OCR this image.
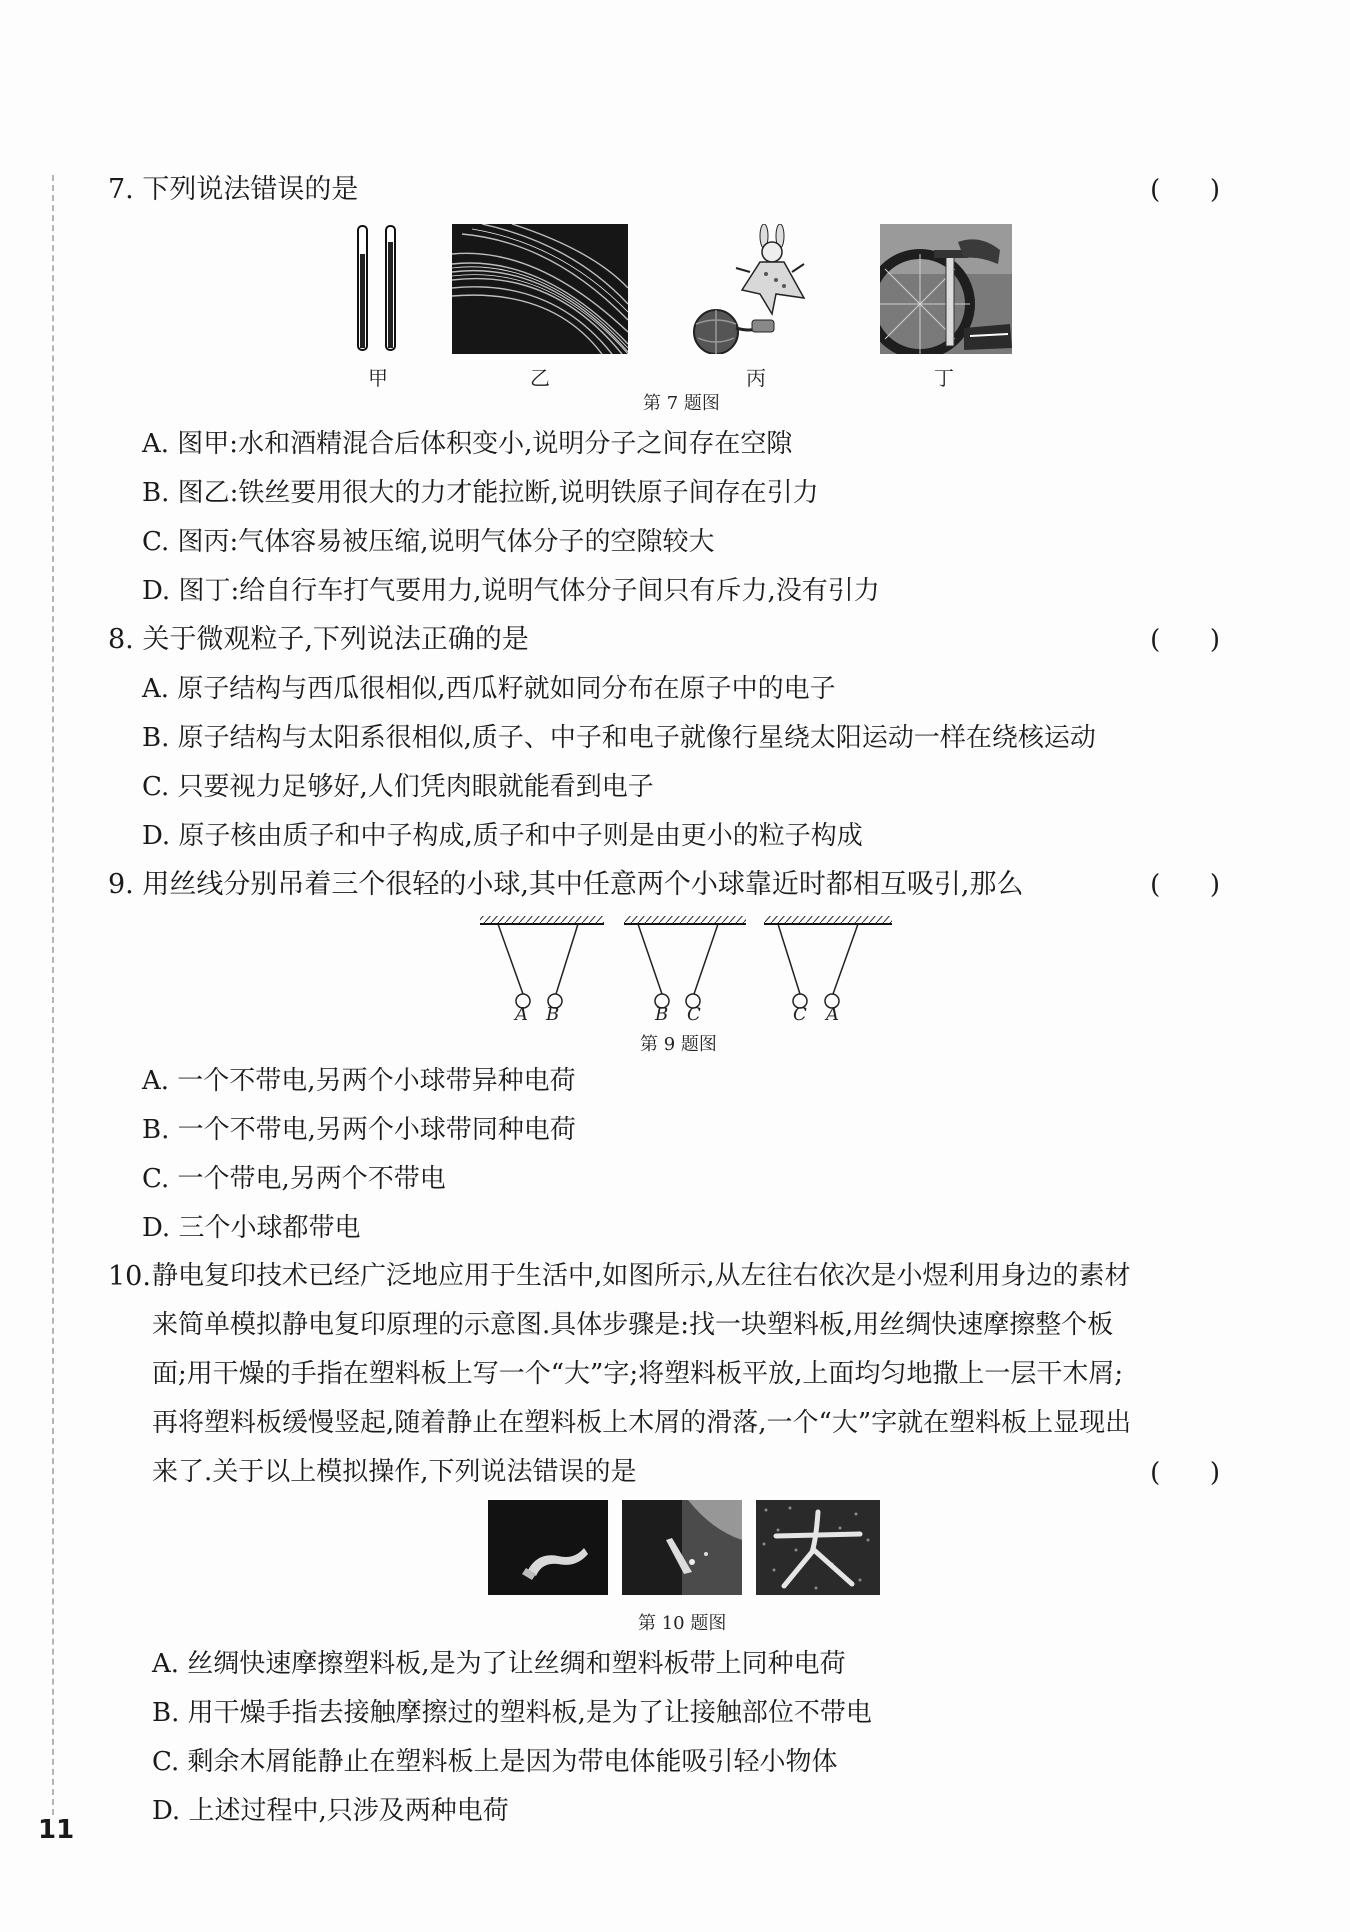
7. 下列说法错误的是	(      )
甲	乙	丙	丁
第 7 题图
A. 图甲:水和酒精混合后体积变小,说明分子之间存在空隙
B. 图乙:铁丝要用很大的力才能拉断,说明铁原子间存在引力
C. 图丙:气体容易被压缩,说明气体分子的空隙较大
D. 图丁:给自行车打气要用力,说明气体分子间只有斥力,没有引力
8. 关于微观粒子,下列说法正确的是	(      )
A. 原子结构与西瓜很相似,西瓜籽就如同分布在原子中的电子
B. 原子结构与太阳系很相似,质子、中子和电子就像行星绕太阳运动一样在绕核运动
C. 只要视力足够好,人们凭肉眼就能看到电子
D. 原子核由质子和中子构成,质子和中子则是由更小的粒子构成
9. 用丝线分别吊着三个很轻的小球,其中任意两个小球靠近时都相互吸引,那么	(      )
A B	B C	C A
第 9 题图
A. 一个不带电,另两个小球带异种电荷
B. 一个不带电,另两个小球带同种电荷
C. 一个带电,另两个不带电
D. 三个小球都带电
10. 静电复印技术已经广泛地应用于生活中,如图所示,从左往右依次是小煜利用身边的素材
来简单模拟静电复印原理的示意图.具体步骤是:找一块塑料板,用丝绸快速摩擦整个板
面;用干燥的手指在塑料板上写一个“大”字;将塑料板平放,上面均匀地撒上一层干木屑;
再将塑料板缓慢竖起,随着静止在塑料板上木屑的滑落,一个“大”字就在塑料板上显现出
来了.关于以上模拟操作,下列说法错误的是	(      )
第 10 题图
A. 丝绸快速摩擦塑料板,是为了让丝绸和塑料板带上同种电荷
B. 用干燥手指去接触摩擦过的塑料板,是为了让接触部位不带电
C. 剩余木屑能静止在塑料板上是因为带电体能吸引轻小物体
D. 上述过程中,只涉及两种电荷
11
